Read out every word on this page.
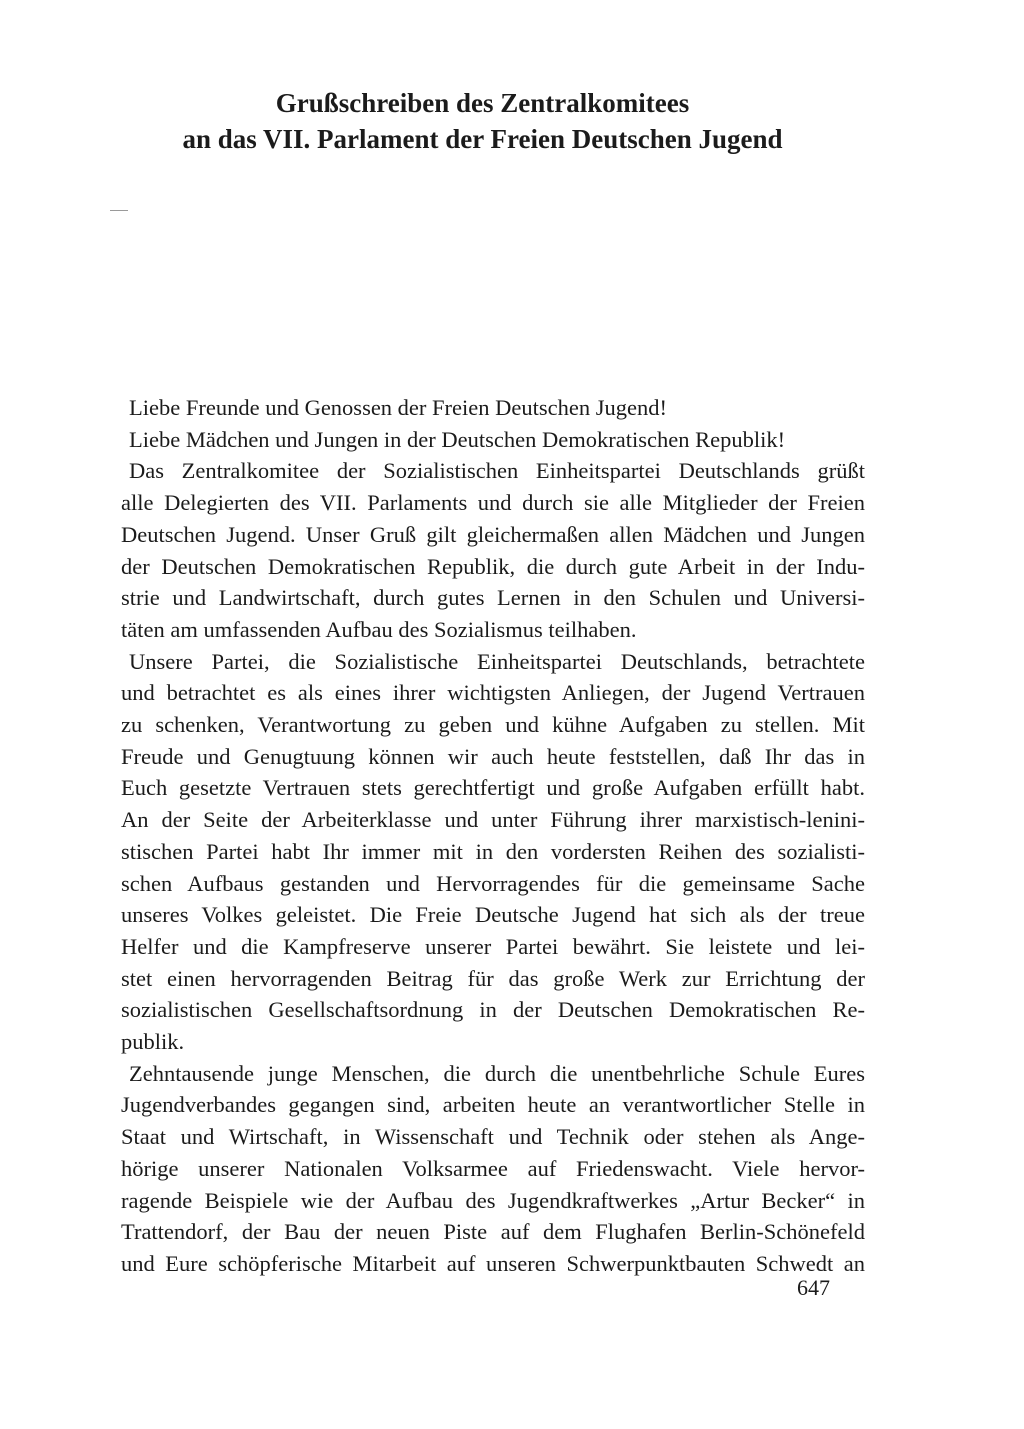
Grußschreiben des Zentralkomitees
an das VII. Parlament der Freien Deutschen Jugend
Liebe Freunde und Genossen der Freien Deutschen Jugend!
Liebe Mädchen und Jungen in der Deutschen Demokratischen Republik!
Das Zentralkomitee der Sozialistischen Einheitspartei Deutschlands grüßt
alle Delegierten des VII. Parlaments und durch sie alle Mitglieder der Freien
Deutschen Jugend. Unser Gruß gilt gleichermaßen allen Mädchen und Jungen
der Deutschen Demokratischen Republik, die durch gute Arbeit in der Indu-
strie und Landwirtschaft, durch gutes Lernen in den Schulen und Universi-
täten am umfassenden Aufbau des Sozialismus teilhaben.
Unsere Partei, die Sozialistische Einheitspartei Deutschlands, betrachtete
und betrachtet es als eines ihrer wichtigsten Anliegen, der Jugend Vertrauen
zu schenken, Verantwortung zu geben und kühne Aufgaben zu stellen. Mit
Freude und Genugtuung können wir auch heute feststellen, daß Ihr das in
Euch gesetzte Vertrauen stets gerechtfertigt und große Aufgaben erfüllt habt.
An der Seite der Arbeiterklasse und unter Führung ihrer marxistisch-lenini-
stischen Partei habt Ihr immer mit in den vordersten Reihen des sozialisti-
schen Aufbaus gestanden und Hervorragendes für die gemeinsame Sache
unseres Volkes geleistet. Die Freie Deutsche Jugend hat sich als der treue
Helfer und die Kampfreserve unserer Partei bewährt. Sie leistete und lei-
stet einen hervorragenden Beitrag für das große Werk zur Errichtung der
sozialistischen Gesellschaftsordnung in der Deutschen Demokratischen Re-
publik.
Zehntausende junge Menschen, die durch die unentbehrliche Schule Eures
Jugendverbandes gegangen sind, arbeiten heute an verantwortlicher Stelle in
Staat und Wirtschaft, in Wissenschaft und Technik oder stehen als Ange-
hörige unserer Nationalen Volksarmee auf Friedenswacht. Viele hervor-
ragende Beispiele wie der Aufbau des Jugendkraftwerkes „Artur Becker“ in
Trattendorf, der Bau der neuen Piste auf dem Flughafen Berlin-Schönefeld
und Eure schöpferische Mitarbeit auf unseren Schwerpunktbauten Schwedt an
647
